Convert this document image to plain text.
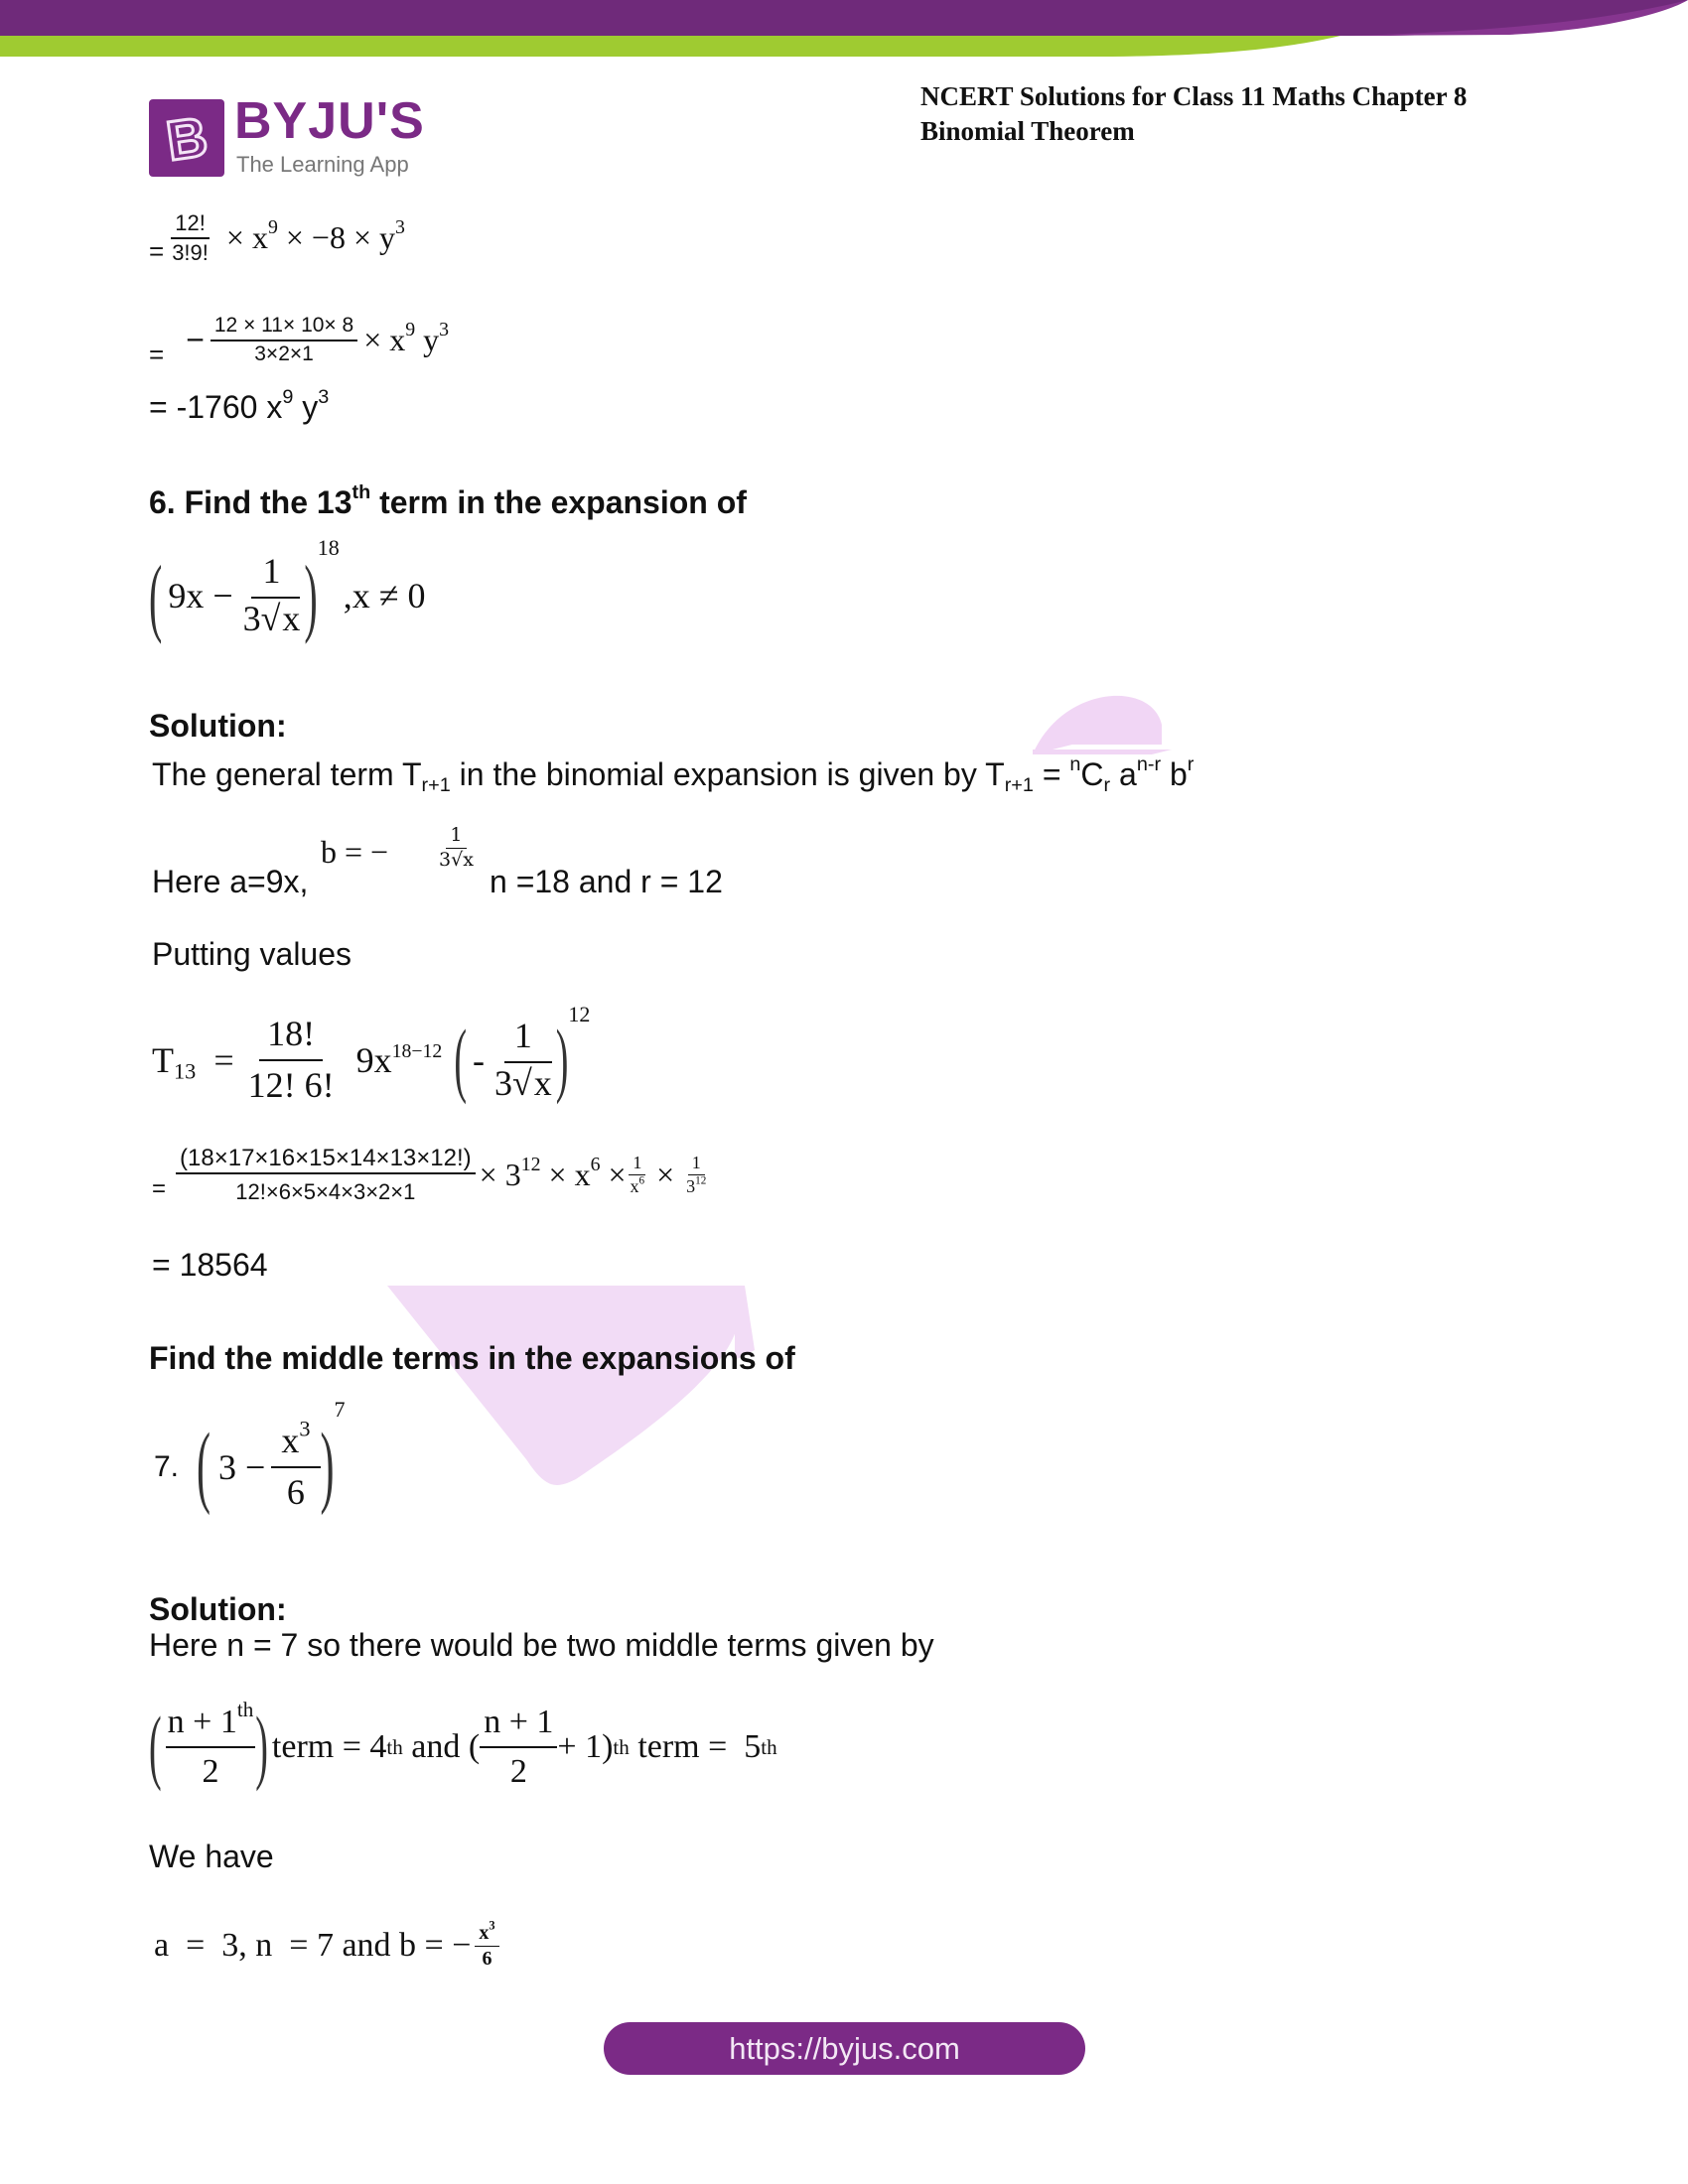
B BYJU'S
The Learning App
NCERT Solutions for Class 11 Maths Chapter 8
Binomial Theorem
= $\frac{12!}{3!9!} \times x^9 \times -8 \times y^3$
= − $\frac{12 \times 11\times 10\times 8}{3\times 2\times 1} \times x^9$ $y^3$
= -1760 $x^9$ $y^3$
6. Find the 13th term in the expansion of
( $9x - \frac{1}{3√x} )^{18}$
,x ≠ 0
Solution:
The general term $T_{r+1}$ in the binomial expansion is given by $T_{r+1} = ^nC_r$ $a^{n-r}$ $b^r$
Here a=9x,
b = − $\frac{1}{3√x}$
n =18 and r = 12
Putting values
$T_{13} = \frac{18!}{12! 6!} 9x^{18-12}$ ( - $\frac{1}{3√x}$ )
$^{12}$
= $\frac{(18\times 17\times 16\times 15\times 14\times 13\times 12!)}{12!\times 6\times 5\times 4\times 3\times 2\times 1} \times 3^{12} \times x^6 \times \frac{1}{x^6} \times \frac{1}{3^{12}}$
= 18564
Find the middle terms in the expansions of
7. ( $3 - \frac{x^3}{6}$ )
$^7$
Solution:
Here n = 7 so there would be two middle terms given by
( $\frac{n + 1^{th}}{2}$ ) term = 4 th and ( $\frac{n + 1}{2} + 1$) th term =  5 th
We have
a  =  3, n  = 7 and b = − $\frac{x^3}{6}$
https://byjus.com
